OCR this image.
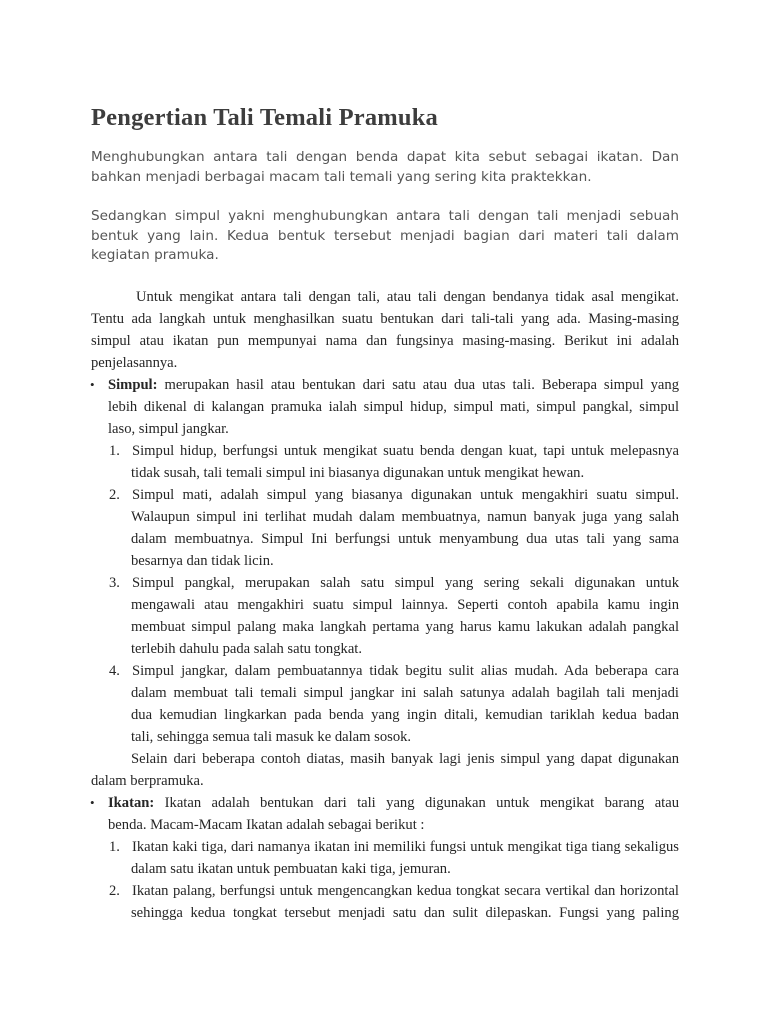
Pengertian Tali Temali Pramuka

Menghubungkan antara tali dengan benda dapat kita sebut sebagai ikatan. Dan bahkan menjadi berbagai macam tali temali yang sering kita praktekkan.

Sedangkan simpul yakni menghubungkan antara tali dengan tali menjadi sebuah bentuk yang lain. Kedua bentuk tersebut menjadi bagian dari materi tali dalam kegiatan pramuka.

Untuk mengikat antara tali dengan tali, atau tali dengan bendanya tidak asal mengikat.
Tentu ada langkah untuk menghasilkan suatu bentukan dari tali-tali yang ada. Masing-masing
simpul atau ikatan pun mempunyai nama dan fungsinya masing-masing. Berikut ini adalah
penjelasannya.
• Simpul: merupakan hasil atau bentukan dari satu atau dua utas tali. Beberapa simpul yang
lebih dikenal di kalangan pramuka ialah simpul hidup, simpul mati, simpul pangkal, simpul
laso, simpul jangkar.
1. Simpul hidup, berfungsi untuk mengikat suatu benda dengan kuat, tapi untuk melepasnya
tidak susah, tali temali simpul ini biasanya digunakan untuk mengikat hewan.
2. Simpul mati, adalah simpul yang biasanya digunakan untuk mengakhiri suatu simpul.
Walaupun simpul ini terlihat mudah dalam membuatnya, namun banyak juga yang salah
dalam membuatnya. Simpul Ini berfungsi untuk menyambung dua utas tali yang sama
besarnya dan tidak licin.
3. Simpul pangkal, merupakan salah satu simpul yang sering sekali digunakan untuk
mengawali atau mengakhiri suatu simpul lainnya. Seperti contoh apabila kamu ingin
membuat simpul palang maka langkah pertama yang harus kamu lakukan adalah pangkal
terlebih dahulu pada salah satu tongkat.
4. Simpul jangkar, dalam pembuatannya tidak begitu sulit alias mudah. Ada beberapa cara
dalam membuat tali temali simpul jangkar ini salah satunya adalah bagilah tali menjadi
dua kemudian lingkarkan pada benda yang ingin ditali, kemudian tariklah kedua badan
tali, sehingga semua tali masuk ke dalam sosok.
Selain dari beberapa contoh diatas, masih banyak lagi jenis simpul yang dapat digunakan
dalam berpramuka.
• Ikatan: Ikatan adalah bentukan dari tali yang digunakan untuk mengikat barang atau
benda. Macam-Macam Ikatan adalah sebagai berikut :
1. Ikatan kaki tiga, dari namanya ikatan ini memiliki fungsi untuk mengikat tiga tiang sekaligus
dalam satu ikatan untuk pembuatan kaki tiga, jemuran.
2. Ikatan palang, berfungsi untuk mengencangkan kedua tongkat secara vertikal dan horizontal
sehingga kedua tongkat tersebut menjadi satu dan sulit dilepaskan. Fungsi yang paling
